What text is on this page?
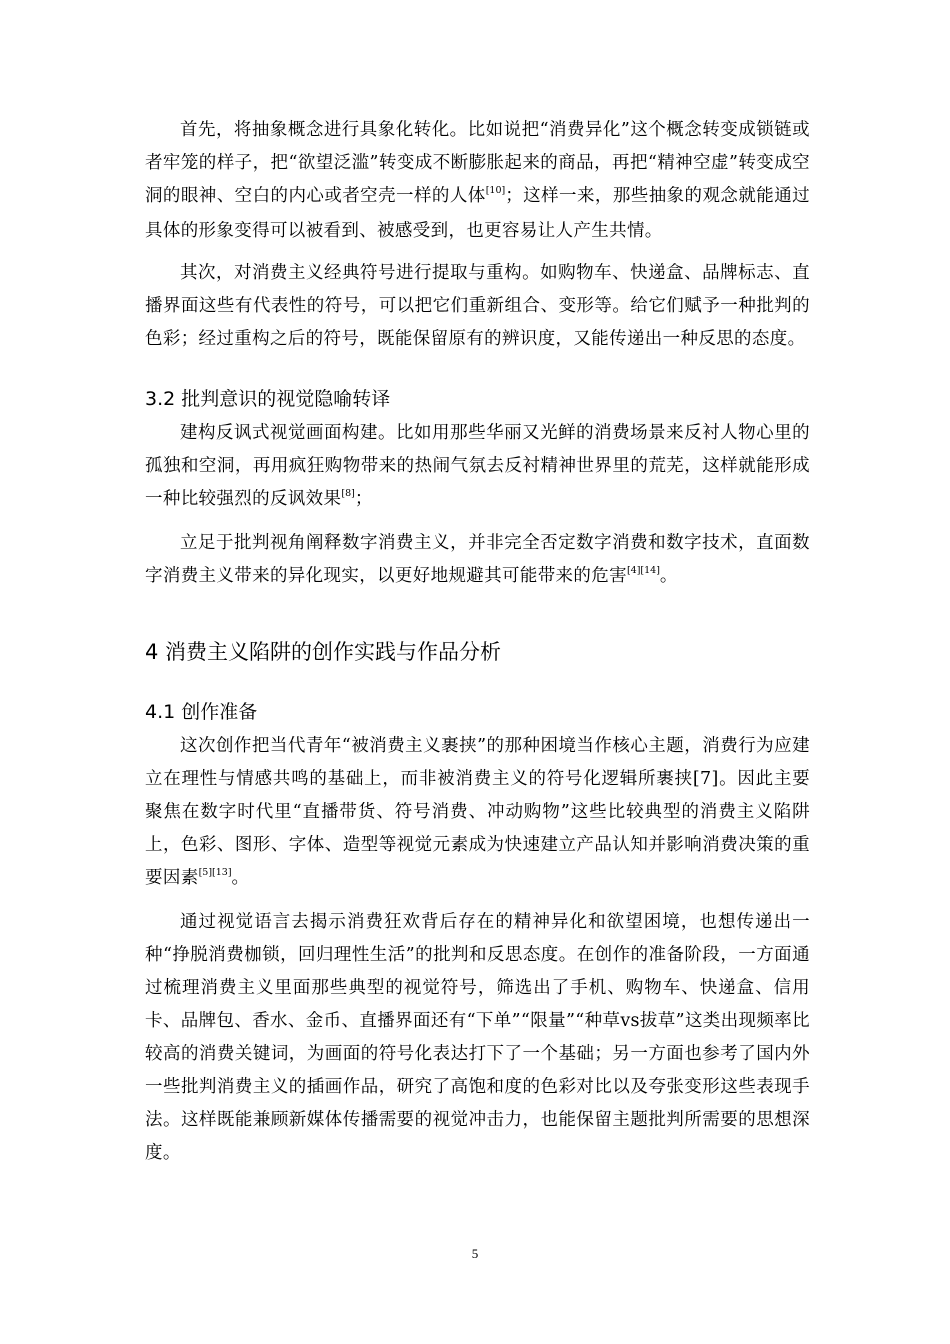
首先，将抽象概念进行具象化转化。比如说把“消费异化”这个概念转变成锁链或者牢笼的样子，把“欲望泛滥”转变成不断膨胀起来的商品，再把“精神空虚”转变成空洞的眼神、空白的内心或者空壳一样的人体[10]；这样一来，那些抽象的观念就能通过具体的形象变得可以被看到、被感受到，也更容易让人产生共情。

其次，对消费主义经典符号进行提取与重构。如购物车、快递盒、品牌标志、直播界面这些有代表性的符号，可以把它们重新组合、变形等。给它们赋予一种批判的色彩；经过重构之后的符号，既能保留原有的辨识度，又能传递出一种反思的态度。

3.2 批判意识的视觉隐喻转译

建构反讽式视觉画面构建。比如用那些华丽又光鲜的消费场景来反衬人物心里的孤独和空洞，再用疯狂购物带来的热闹气氛去反衬精神世界里的荒芜，这样就能形成一种比较强烈的反讽效果[8]；

立足于批判视角阐释数字消费主义，并非完全否定数字消费和数字技术，直面数字消费主义带来的异化现实，以更好地规避其可能带来的危害[4][14]。

4 消费主义陷阱的创作实践与作品分析
4.1 创作准备

这次创作把当代青年“被消费主义裹挟”的那种困境当作核心主题，消费行为应建立在理性与情感共鸣的基础上，而非被消费主义的符号化逻辑所裹挟[7]。因此主要聚焦在数字时代里“直播带货、符号消费、冲动购物”这些比较典型的消费主义陷阱上，色彩、图形、字体、造型等视觉元素成为快速建立产品认知并影响消费决策的重要因素[5][13]。

通过视觉语言去揭示消费狂欢背后存在的精神异化和欲望困境，也想传递出一种“挣脱消费枷锁，回归理性生活”的批判和反思态度。在创作的准备阶段，一方面通过梳理消费主义里面那些典型的视觉符号，筛选出了手机、购物车、快递盒、信用卡、品牌包、香水、金币、直播界面还有“下单”“限量”“种草vs拔草”这类出现频率比较高的消费关键词，为画面的符号化表达打下了一个基础；另一方面也参考了国内外一些批判消费主义的插画作品，研究了高饱和度的色彩对比以及夸张变形这些表现手法。这样既能兼顾新媒体传播需要的视觉冲击力，也能保留主题批判所需要的思想深度。

5
